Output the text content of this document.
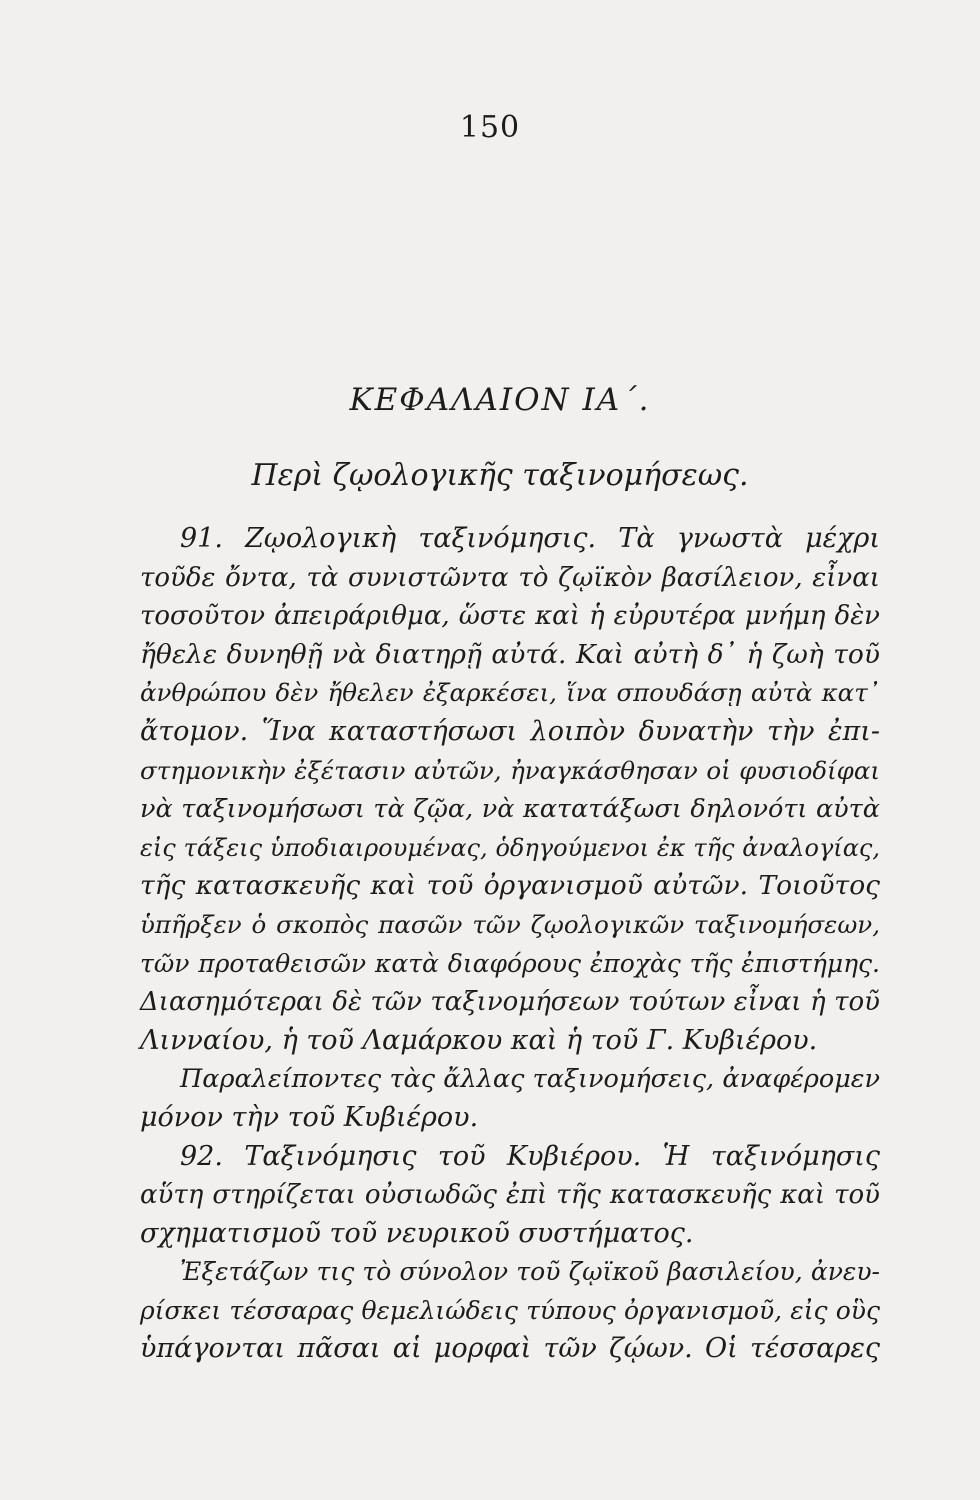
150
ΚΕΦΑΛΑΙΟΝ ΙΑ΄.
Περὶ ζῳολογικῆς ταξινομήσεως.
91. Ζῳολογικὴ ταξινόμησις. Τὰ γνωστὰ μέχρι
τοῦδε ὄντα, τὰ συνιστῶντα τὸ ζῳϊκὸν βασίλειον, εἶναι
τοσοῦτον ἀπειράριθμα, ὥστε καὶ ἡ εὐρυτέρα μνήμη δὲν
ἤθελε δυνηθῇ νὰ διατηρῇ αὐτά. Καὶ αὐτὴ δ᾽ ἡ ζωὴ τοῦ
ἀνθρώπου δὲν ἤθελεν ἐξαρκέσει, ἵνα σπουδάσῃ αὐτὰ κατ᾽
ἄτομον. Ἵνα καταστήσωσι λοιπὸν δυνατὴν τὴν ἐπι-
στημονικὴν ἐξέτασιν αὐτῶν, ἠναγκάσθησαν οἱ φυσιοδίφαι
νὰ ταξινομήσωσι τὰ ζῷα, νὰ κατατάξωσι δηλονότι αὐτὰ
εἰς τάξεις ὑποδιαιρουμένας, ὁδηγούμενοι ἐκ τῆς ἀναλογίας,
τῆς κατασκευῆς καὶ τοῦ ὀργανισμοῦ αὐτῶν. Τοιοῦτος
ὑπῆρξεν ὁ σκοπὸς πασῶν τῶν ζῳολογικῶν ταξινομήσεων,
τῶν προταθεισῶν κατὰ διαφόρους ἐποχὰς τῆς ἐπιστήμης.
Διασημότεραι δὲ τῶν ταξινομήσεων τούτων εἶναι ἡ τοῦ
Λινναίου, ἡ τοῦ Λαμάρκου καὶ ἡ τοῦ Γ. Κυβιέρου.
Παραλείποντες τὰς ἄλλας ταξινομήσεις, ἀναφέρομεν
μόνον τὴν τοῦ Κυβιέρου.
92. Ταξινόμησις τοῦ Κυβιέρου. Ἡ ταξινόμησις
αὕτη στηρίζεται οὐσιωδῶς ἐπὶ τῆς κατασκευῆς καὶ τοῦ
σχηματισμοῦ τοῦ νευρικοῦ συστήματος.
Ἐξετάζων τις τὸ σύνολον τοῦ ζῳϊκοῦ βασιλείου, ἀνευ-
ρίσκει τέσσαρας θεμελιώδεις τύπους ὀργανισμοῦ, εἰς οὓς
ὑπάγονται πᾶσαι αἱ μορφαὶ τῶν ζῴων. Οἱ τέσσαρες
